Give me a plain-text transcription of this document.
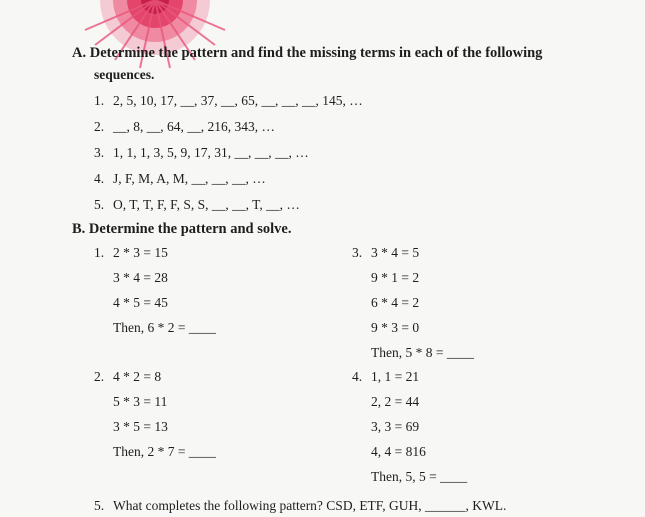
A. Determine the pattern and find the missing terms in each of the following
sequences.
1. 2, 5, 10, 17, __, 37, __, 65, __, __, __, 145, …
2. __, 8, __, 64, __, 216, 343, …
3. 1, 1, 1, 3, 5, 9, 17, 31, __, __, __, …
4. J, F, M, A, M, __, __, __, …
5. O, T, T, F, F, S, S, __, __, T, __, …
B. Determine the pattern and solve.
1. 2 * 3 = 15
3 * 4 = 28
4 * 5 = 45
Then, 6 * 2 = ____
3. 3 * 4 = 5
9 * 1 = 2
6 * 4 = 2
9 * 3 = 0
Then, 5 * 8 = ____
2. 4 * 2 = 8
5 * 3 = 11
3 * 5 = 13
Then, 2 * 7 = ____
4. 1, 1 = 21
2, 2 = 44
3, 3 = 69
4, 4 = 816
Then, 5, 5 = ____
5. What completes the following pattern? CSD, ETF, GUH, ______, KWL.
